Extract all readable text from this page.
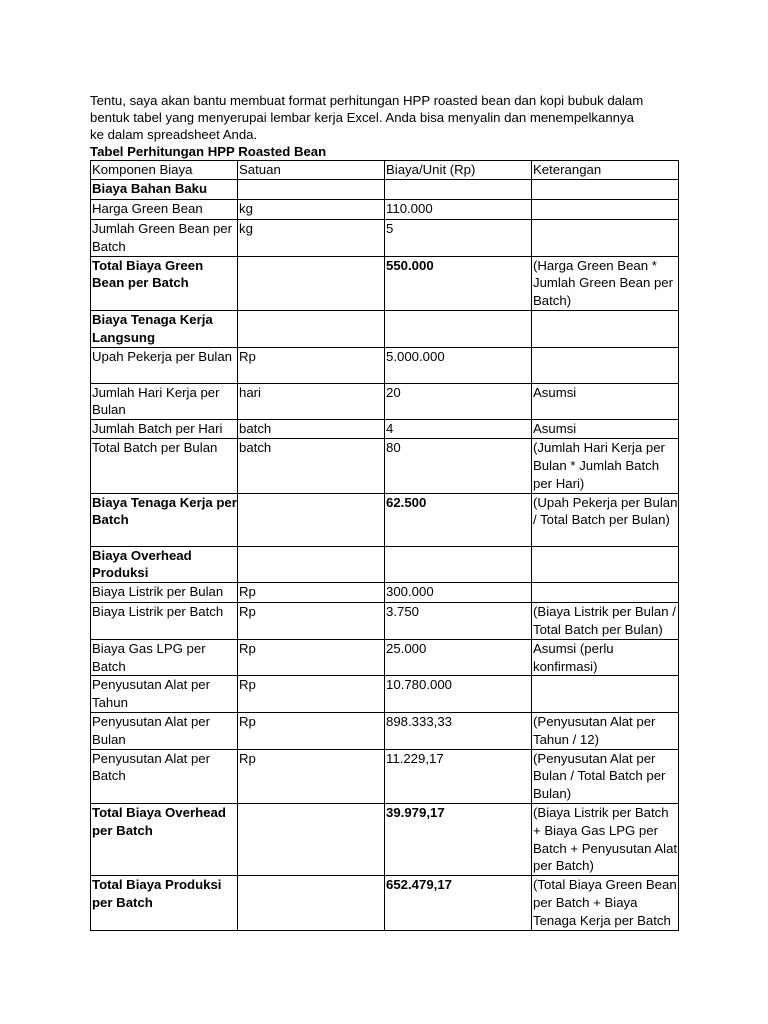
Tentu, saya akan bantu membuat format perhitungan HPP roasted bean dan kopi bubuk dalam
bentuk tabel yang menyerupai lembar kerja Excel. Anda bisa menyalin dan menempelkannya
ke dalam spreadsheet Anda.

Tabel Perhitungan HPP Roasted Bean

Komponen Biaya	Satuan	Biaya/Unit (Rp)	Keterangan
Biaya Bahan Baku			
Harga Green Bean	kg	110.000	
Jumlah Green Bean per Batch	kg	5	
Total Biaya Green Bean per Batch		550.000	(Harga Green Bean * Jumlah Green Bean per Batch)
Biaya Tenaga Kerja Langsung			
Upah Pekerja per Bulan	Rp	5.000.000	
Jumlah Hari Kerja per Bulan	hari	20	Asumsi
Jumlah Batch per Hari	batch	4	Asumsi
Total Batch per Bulan	batch	80	(Jumlah Hari Kerja per Bulan * Jumlah Batch per Hari)
Biaya Tenaga Kerja per Batch		62.500	(Upah Pekerja per Bulan / Total Batch per Bulan)
Biaya Overhead Produksi			
Biaya Listrik per Bulan	Rp	300.000	
Biaya Listrik per Batch	Rp	3.750	(Biaya Listrik per Bulan / Total Batch per Bulan)
Biaya Gas LPG per Batch	Rp	25.000	Asumsi (perlu konfirmasi)
Penyusutan Alat per Tahun	Rp	10.780.000	
Penyusutan Alat per Bulan	Rp	898.333,33	(Penyusutan Alat per Tahun / 12)
Penyusutan Alat per Batch	Rp	11.229,17	(Penyusutan Alat per Bulan / Total Batch per Bulan)
Total Biaya Overhead per Batch		39.979,17	(Biaya Listrik per Batch + Biaya Gas LPG per Batch + Penyusutan Alat per Batch)
Total Biaya Produksi per Batch		652.479,17	(Total Biaya Green Bean per Batch + Biaya Tenaga Kerja per Batch
